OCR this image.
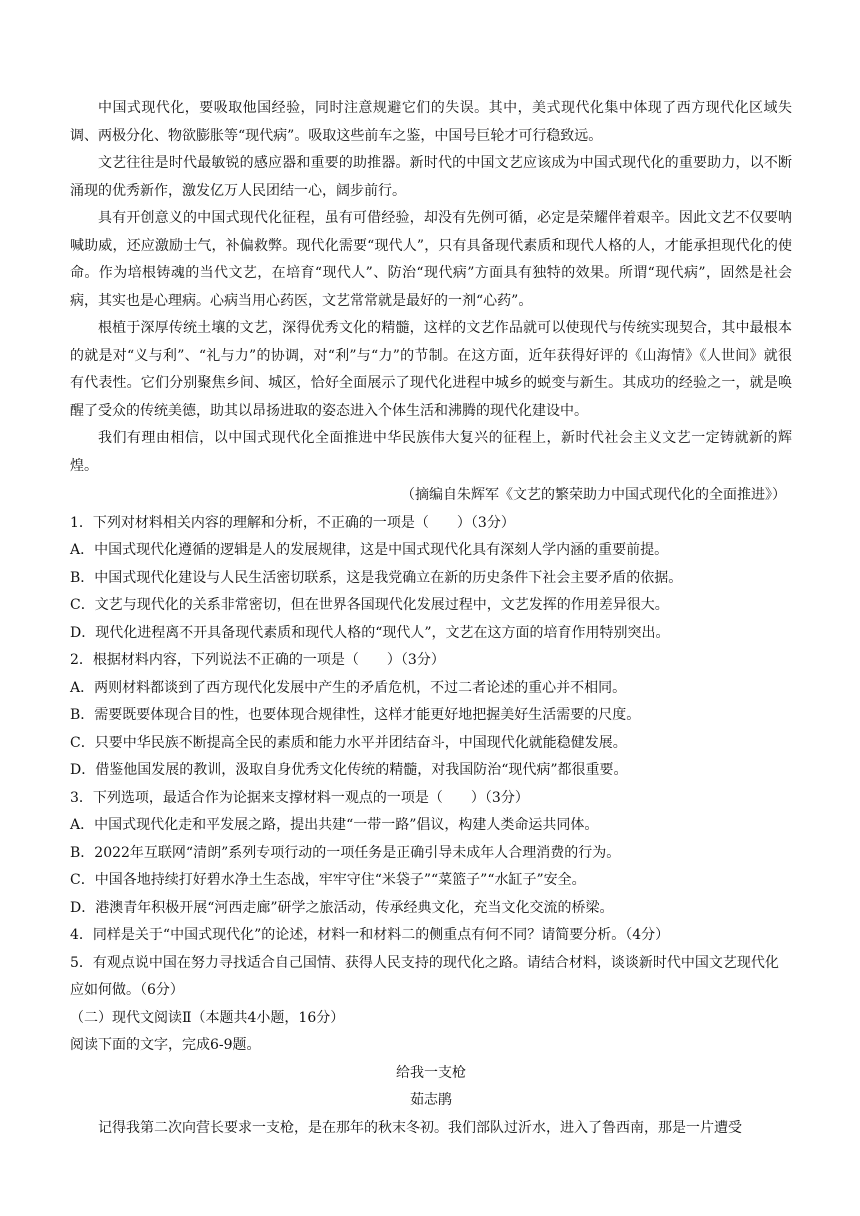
中国式现代化，要吸取他国经验，同时注意规避它们的失误。其中，美式现代化集中体现了西方现代化区域失调、两极分化、物欲膨胀等“现代病”。吸取这些前车之鉴，中国号巨轮才可行稳致远。

文艺往往是时代最敏锐的感应器和重要的助推器。新时代的中国文艺应该成为中国式现代化的重要助力，以不断涌现的优秀新作，激发亿万人民团结一心，阔步前行。

具有开创意义的中国式现代化征程，虽有可借经验，却没有先例可循，必定是荣耀伴着艰辛。因此文艺不仅要呐喊助威，还应激励士气，补偏救弊。现代化需要“现代人”，只有具备现代素质和现代人格的人，才能承担现代化的使命。作为培根铸魂的当代文艺，在培育“现代人”、防治“现代病”方面具有独特的效果。所谓“现代病”，固然是社会病，其实也是心理病。心病当用心药医，文艺常常就是最好的一剂“心药”。

根植于深厚传统土壤的文艺，深得优秀文化的精髓，这样的文艺作品就可以使现代与传统实现契合，其中最根本的就是对“义与利”、“礼与力”的协调，对“利”与“力”的节制。在这方面，近年获得好评的《山海情》《人世间》就很有代表性。它们分别聚焦乡间、城区，恰好全面展示了现代化进程中城乡的蜕变与新生。其成功的经验之一，就是唤醒了受众的传统美德，助其以昂扬进取的姿态进入个体生活和沸腾的现代化建设中。

我们有理由相信，以中国式现代化全面推进中华民族伟大复兴的征程上，新时代社会主义文艺一定铸就新的辉煌。

（摘编自朱辉军《文艺的繁荣助力中国式现代化的全面推进》）

1．下列对材料相关内容的理解和分析，不正确的一项是（　　）（3分）

A．中国式现代化遵循的逻辑是人的发展规律，这是中国式现代化具有深刻人学内涵的重要前提。

B．中国式现代化建设与人民生活密切联系，这是我党确立在新的历史条件下社会主要矛盾的依据。

C．文艺与现代化的关系非常密切，但在世界各国现代化发展过程中，文艺发挥的作用差异很大。

D．现代化进程离不开具备现代素质和现代人格的“现代人”，文艺在这方面的培育作用特别突出。

2．根据材料内容，下列说法不正确的一项是（　　）（3分）

A．两则材料都谈到了西方现代化发展中产生的矛盾危机，不过二者论述的重心并不相同。

B．需要既要体现合目的性，也要体现合规律性，这样才能更好地把握美好生活需要的尺度。

C．只要中华民族不断提高全民的素质和能力水平并团结奋斗，中国现代化就能稳健发展。

D．借鉴他国发展的教训，汲取自身优秀文化传统的精髓，对我国防治“现代病”都很重要。

3．下列选项，最适合作为论据来支撑材料一观点的一项是（　　）（3分）

A．中国式现代化走和平发展之路，提出共建“一带一路”倡议，构建人类命运共同体。

B．2022年互联网“清朗”系列专项行动的一项任务是正确引导未成年人合理消费的行为。

C．中国各地持续打好碧水净土生态战，牢牢守住“米袋子”“菜篮子”“水缸子”安全。

D．港澳青年积极开展“河西走廊”研学之旅活动，传承经典文化，充当文化交流的桥梁。

4．同样是关于“中国式现代化”的论述，材料一和材料二的侧重点有何不同？请简要分析。（4分）

5．有观点说中国在努力寻找适合自己国情、获得人民支持的现代化之路。请结合材料，谈谈新时代中国文艺现代化应如何做。（6分）

（二）现代文阅读Ⅱ（本题共4小题，16分）

阅读下面的文字，完成6-9题。

给我一支枪

茹志鹃

记得我第二次向营长要求一支枪，是在那年的秋末冬初。我们部队过沂水，进入了鲁西南，那是一片遭受
